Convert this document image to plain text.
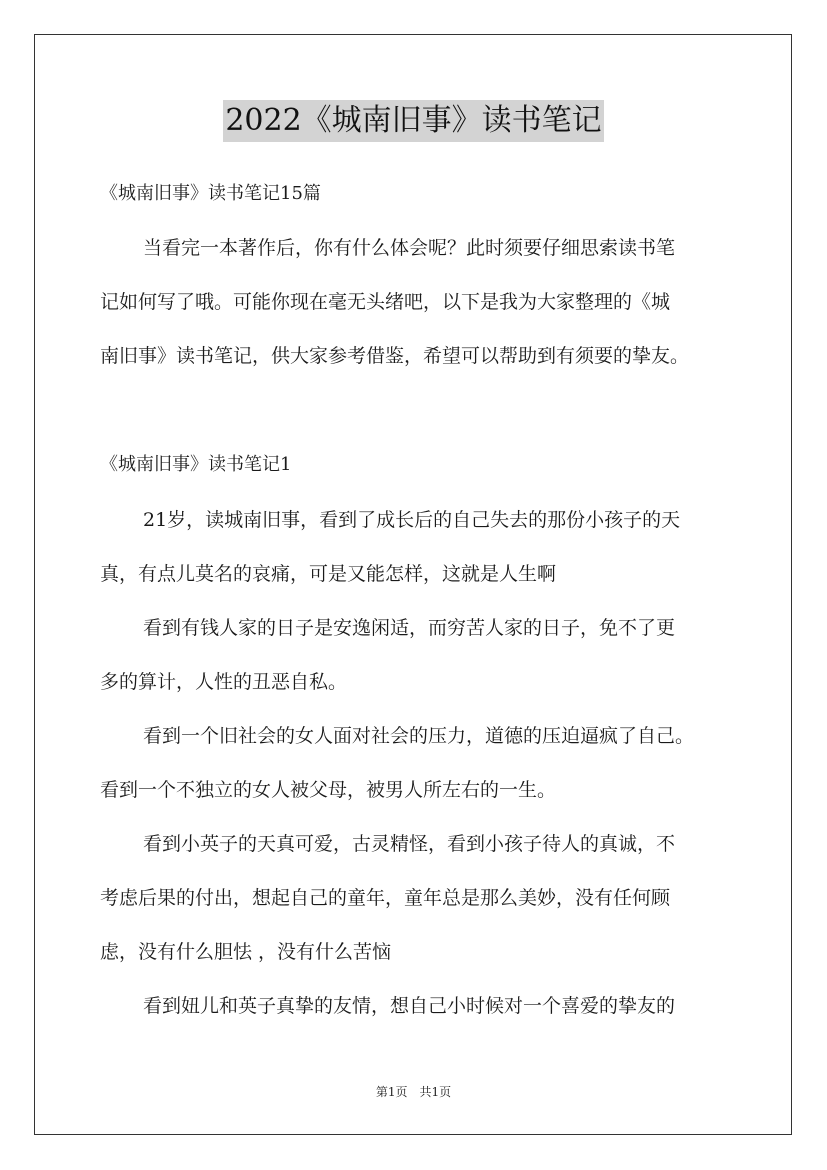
2022《城南旧事》读书笔记
《城南旧事》读书笔记15篇
当看完一本著作后，你有什么体会呢？此时须要仔细思索读书笔
记如何写了哦。可能你现在毫无头绪吧，以下是我为大家整理的《城
南旧事》读书笔记，供大家参考借鉴，希望可以帮助到有须要的挚友。
《城南旧事》读书笔记1
21岁，读城南旧事，看到了成长后的自己失去的那份小孩子的天
真，有点儿莫名的哀痛，可是又能怎样，这就是人生啊
看到有钱人家的日子是安逸闲适，而穷苦人家的日子，免不了更
多的算计，人性的丑恶自私。
看到一个旧社会的女人面对社会的压力，道德的压迫逼疯了自己。
看到一个不独立的女人被父母，被男人所左右的一生。
看到小英子的天真可爱，古灵精怪，看到小孩子待人的真诚，不
考虑后果的付出，想起自己的童年，童年总是那么美妙，没有任何顾
虑，没有什么胆怯 ，没有什么苦恼
看到妞儿和英子真挚的友情，想自己小时候对一个喜爱的挚友的
第1页 共1页
